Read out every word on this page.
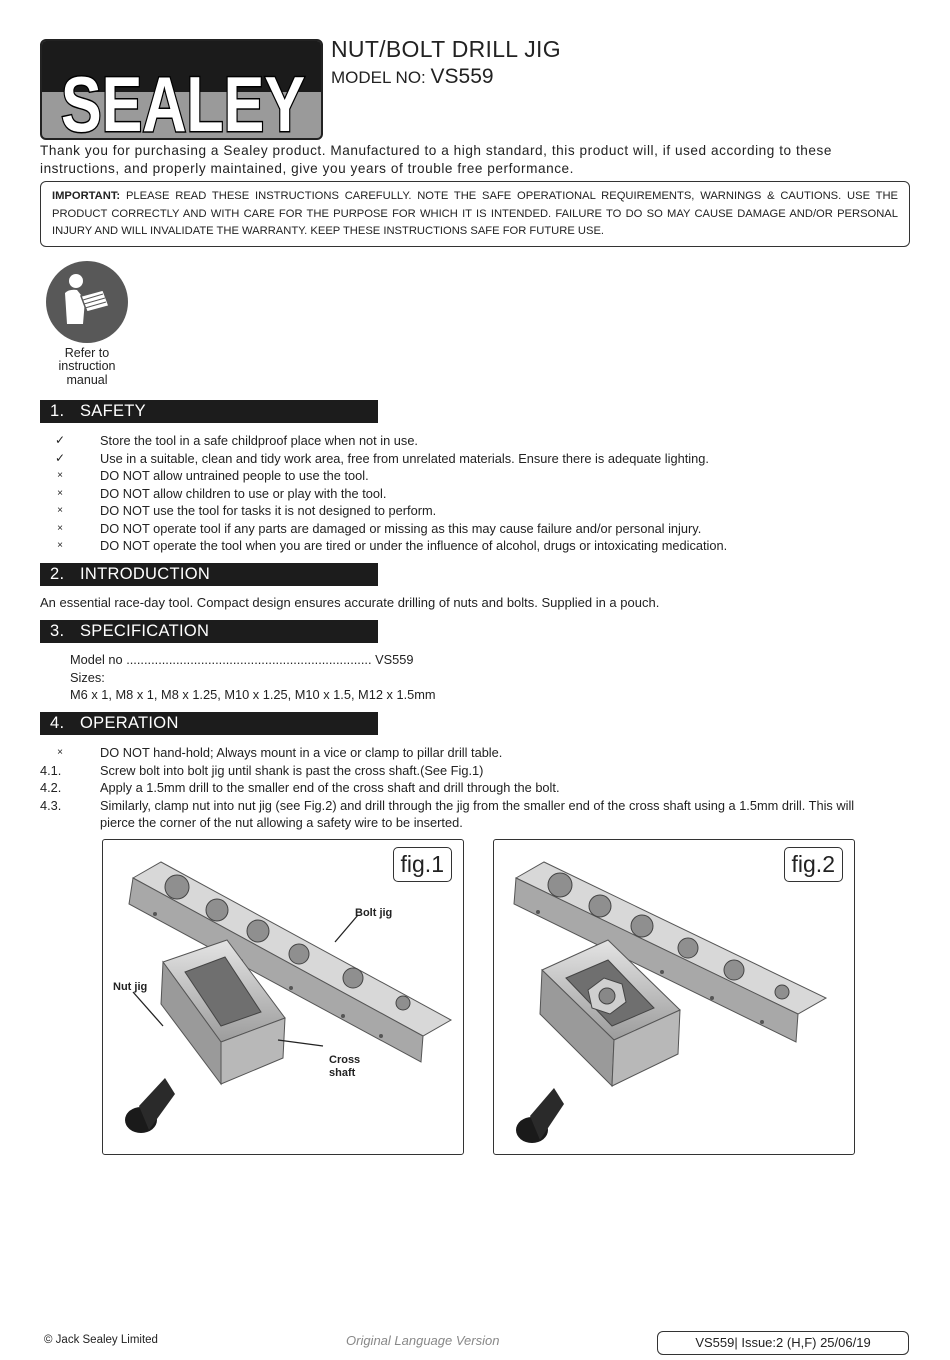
SEALEY
NUT/BOLT DRILL JIG
MODEL NO: VS559
Thank you for purchasing a Sealey product. Manufactured to a high standard, this product will, if used according to these instructions, and properly maintained, give you years of trouble free performance.
IMPORTANT: PLEASE READ THESE INSTRUCTIONS CAREFULLY. NOTE THE SAFE OPERATIONAL REQUIREMENTS, WARNINGS & CAUTIONS. USE THE PRODUCT CORRECTLY AND WITH CARE FOR THE PURPOSE FOR WHICH IT IS INTENDED. FAILURE TO DO SO MAY CAUSE DAMAGE AND/OR PERSONAL INJURY AND WILL INVALIDATE THE WARRANTY. KEEP THESE INSTRUCTIONS SAFE FOR FUTURE USE.
Refer to instruction manual
1. SAFETY
✓	Store the tool in a safe childproof place when not in use.
✓	Use in a suitable, clean and tidy work area, free from unrelated materials. Ensure there is adequate lighting.
×	DO NOT allow untrained people to use the tool.
×	DO NOT allow children to use or play with the tool.
×	DO NOT use the tool for tasks it is not designed to perform.
×	DO NOT operate tool if any parts are damaged or missing as this may cause failure and/or personal injury.
×	DO NOT operate the tool when you are tired or under the influence of alcohol, drugs or intoxicating medication.
2. INTRODUCTION
An essential race-day tool. Compact design ensures accurate drilling of nuts and bolts. Supplied in a pouch.
3. SPECIFICATION
Model no ..................................................................... VS559
Sizes:
M6 x 1, M8 x 1, M8 x 1.25, M10 x 1.25, M10 x 1.5, M12 x 1.5mm
4. OPERATION
×	DO NOT hand-hold; Always mount in a vice or clamp to pillar drill table.
4.1.	Screw bolt into bolt jig until shank is past the cross shaft.(See Fig.1)
4.2.	Apply a 1.5mm drill to the smaller end of the cross shaft and drill through the bolt.
4.3.	Similarly, clamp nut into nut jig (see Fig.2) and drill through the jig from the smaller end of the cross shaft using a 1.5mm drill. This will
pierce the corner of the nut allowing a safety wire to be inserted.
Bolt jig
Nut jig
Cross
shaft
fig.1	fig.2
© Jack Sealey Limited	Original Language Version	VS559| Issue:2 (H,F) 25/06/19
